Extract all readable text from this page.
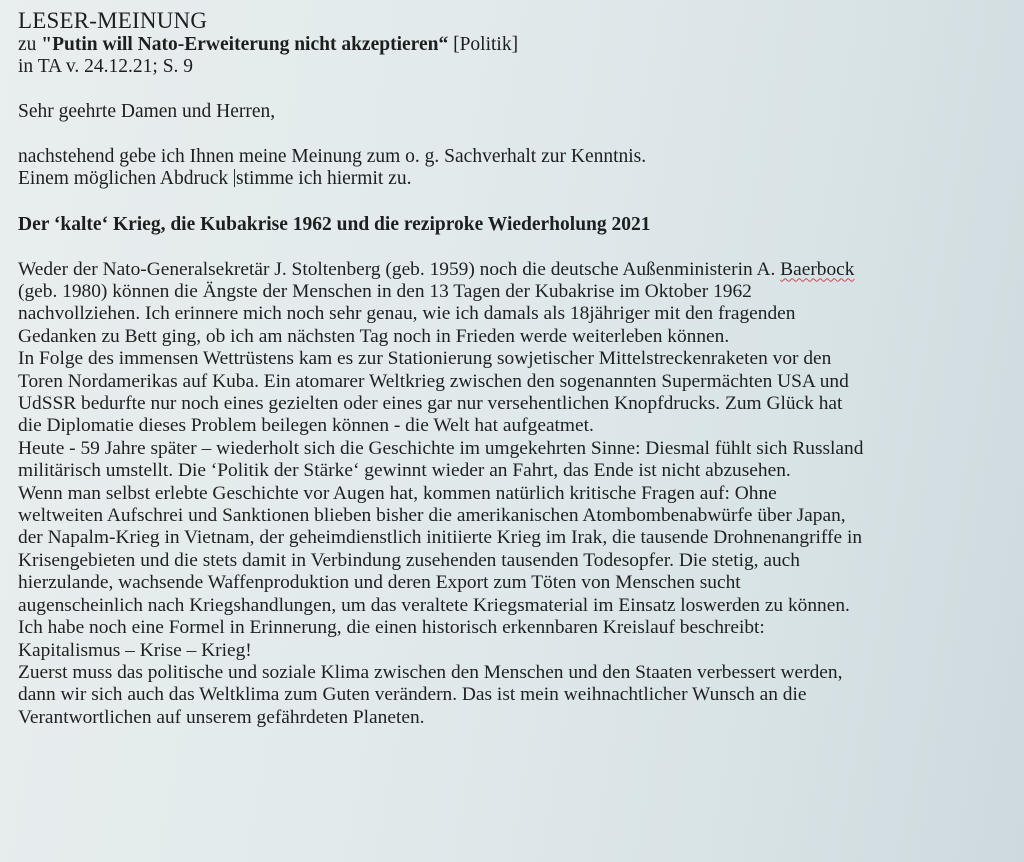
LESER-MEINUNG
zu "Putin will Nato-Erweiterung nicht akzeptieren“ [Politik]
in TA v. 24.12.21; S. 9
Sehr geehrte Damen und Herren,
nachstehend gebe ich Ihnen meine Meinung zum o. g. Sachverhalt zur Kenntnis.
Einem möglichen Abdruck stimme ich hiermit zu.
Der ‘kalte‘ Krieg, die Kubakrise 1962 und die reziproke Wiederholung 2021
Weder der Nato-Generalsekretär J. Stoltenberg (geb. 1959) noch die deutsche Außenministerin A. Baerbock
(geb. 1980) können die Ängste der Menschen in den 13 Tagen der Kubakrise im Oktober 1962
nachvollziehen. Ich erinnere mich noch sehr genau, wie ich damals als 18jähriger mit den fragenden
Gedanken zu Bett ging, ob ich am nächsten Tag noch in Frieden werde weiterleben können.
In Folge des immensen Wettrüstens kam es zur Stationierung sowjetischer Mittelstreckenraketen vor den
Toren Nordamerikas auf Kuba. Ein atomarer Weltkrieg zwischen den sogenannten Supermächten USA und
UdSSR bedurfte nur noch eines gezielten oder eines gar nur versehentlichen Knopfdrucks. Zum Glück hat
die Diplomatie dieses Problem beilegen können - die Welt hat aufgeatmet.
Heute - 59 Jahre später – wiederholt sich die Geschichte im umgekehrten Sinne: Diesmal fühlt sich Russland
militärisch umstellt. Die ‘Politik der Stärke‘ gewinnt wieder an Fahrt, das Ende ist nicht abzusehen.
Wenn man selbst erlebte Geschichte vor Augen hat, kommen natürlich kritische Fragen auf: Ohne
weltweiten Aufschrei und Sanktionen blieben bisher die amerikanischen Atombombenabwürfe über Japan,
der Napalm-Krieg in Vietnam, der geheimdienstlich initiierte Krieg im Irak, die tausende Drohnenangriffe in
Krisengebieten und die stets damit in Verbindung zusehenden tausenden Todesopfer. Die stetig, auch
hierzulande, wachsende Waffenproduktion und deren Export zum Töten von Menschen sucht
augenscheinlich nach Kriegshandlungen, um das veraltete Kriegsmaterial im Einsatz loswerden zu können.
Ich habe noch eine Formel in Erinnerung, die einen historisch erkennbaren Kreislauf beschreibt:
Kapitalismus – Krise – Krieg!
Zuerst muss das politische und soziale Klima zwischen den Menschen und den Staaten verbessert werden,
dann wir sich auch das Weltklima zum Guten verändern. Das ist mein weihnachtlicher Wunsch an die
Verantwortlichen auf unserem gefährdeten Planeten.
